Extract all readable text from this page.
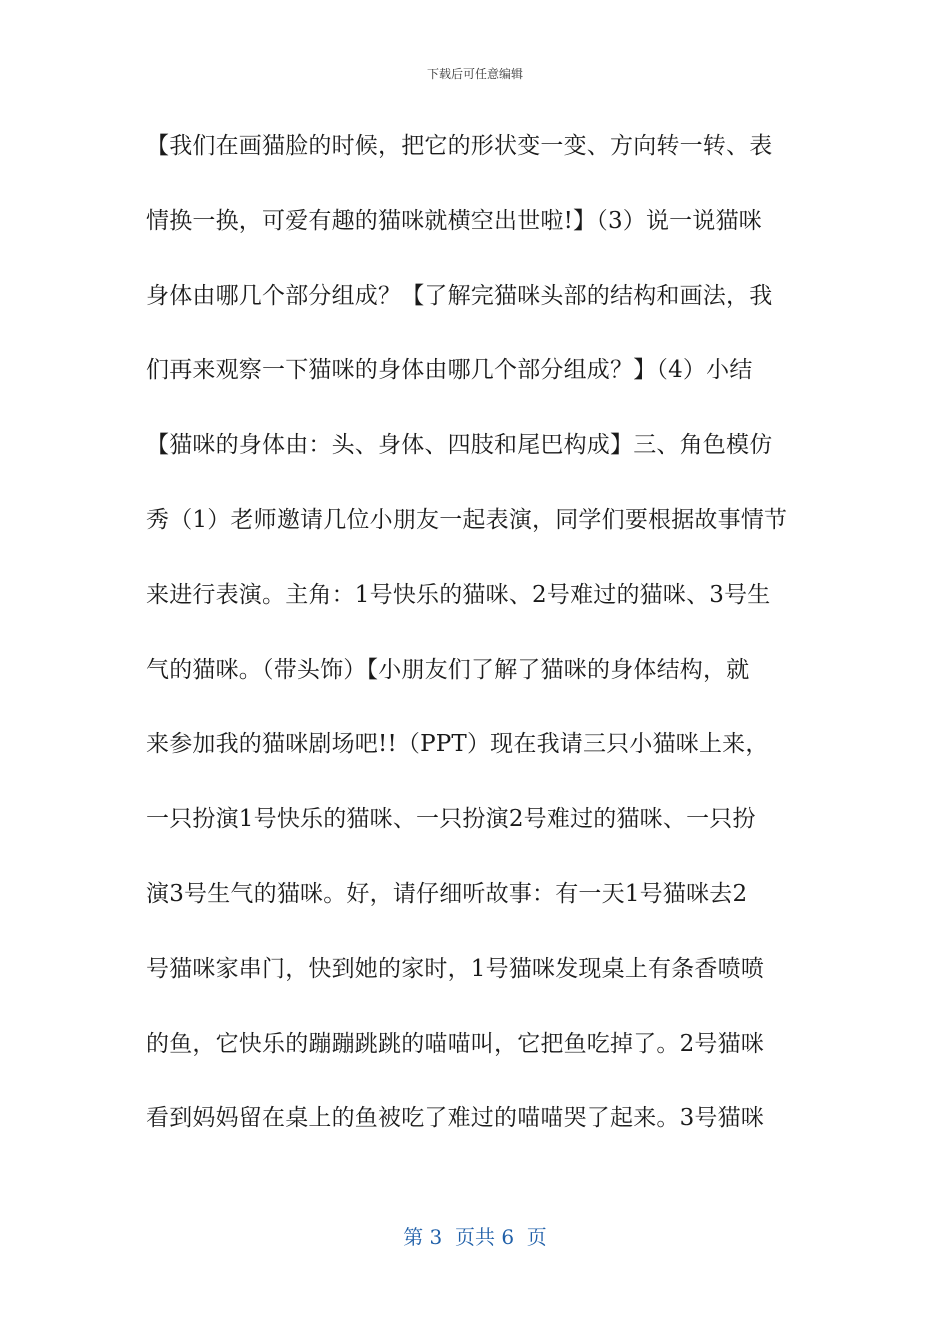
下载后可任意编辑
【我们在画猫脸的时候，把它的形状变一变、方向转一转、表
情换一换，可爱有趣的猫咪就横空出世啦!】（3）说一说猫咪
身体由哪几个部分组成？【了解完猫咪头部的结构和画法，我
们再来观察一下猫咪的身体由哪几个部分组成？】（4）小结
【猫咪的身体由：头、身体、四肢和尾巴构成】三、角色模仿
秀（1）老师邀请几位小朋友一起表演，同学们要根据故事情节
来进行表演。主角：1号快乐的猫咪、2号难过的猫咪、3号生
气的猫咪。（带头饰）【小朋友们了解了猫咪的身体结构，就
来参加我的猫咪剧场吧!!（PPT）现在我请三只小猫咪上来，
一只扮演1号快乐的猫咪、一只扮演2号难过的猫咪、一只扮
演3号生气的猫咪。好，请仔细听故事：有一天1号猫咪去2
号猫咪家串门，快到她的家时，1号猫咪发现桌上有条香喷喷
的鱼，它快乐的蹦蹦跳跳的喵喵叫，它把鱼吃掉了。2号猫咪
看到妈妈留在桌上的鱼被吃了难过的喵喵哭了起来。3号猫咪
第 3  页共 6  页
